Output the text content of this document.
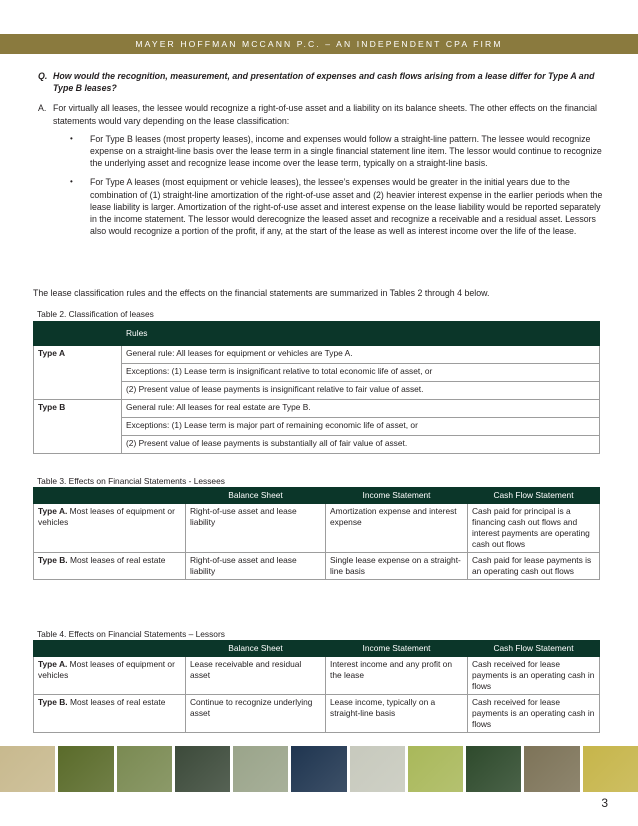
MAYER HOFFMAN MCCANN P.C. – AN INDEPENDENT CPA FIRM
Q. How would the recognition, measurement, and presentation of expenses and cash flows arising from a lease differ for Type A and Type B leases?
A. For virtually all leases, the lessee would recognize a right-of-use asset and a liability on its balance sheets. The other effects on the financial statements would vary depending on the lease classification:
•	For Type B leases (most property leases), income and expenses would follow a straight-line pattern. The lessee would recognize expense on a straight-line basis over the lease term in a single financial statement line item. The lessor would continue to recognize the underlying asset and recognize lease income over the lease term, typically on a straight-line basis.
•	For Type A leases (most equipment or vehicle leases), the lessee’s expenses would be greater in the initial years due to the combination of (1) straight-line amortization of the right-of-use asset and (2) heavier interest expense in the earlier periods when the lease liability is larger. Amortization of the right-of-use asset and interest expense on the lease liability would be reported separately in the income statement. The lessor would derecognize the leased asset and recognize a receivable and a residual asset. Lessors also would recognize a portion of the profit, if any, at the start of the lease as well as interest income over the life of the lease.
The lease classification rules and the effects on the financial statements are summarized in Tables 2 through 4 below.
Table 2. Classification of leases
	Rules
Type A	General rule: All leases for equipment or vehicles are Type A.
	Exceptions: (1) Lease term is insignificant relative to total economic life of asset, or
	(2) Present value of lease payments is insignificant relative to fair value of asset.
Type B	General rule: All leases for real estate are Type B.
	Exceptions: (1) Lease term is major part of remaining economic life of asset, or
	(2) Present value of lease payments is substantially all of fair value of asset.
Table 3. Effects on Financial Statements - Lessees
	Balance Sheet	Income Statement	Cash Flow Statement
Type A. Most leases of equipment or vehicles	Right-of-use asset and lease liability	Amortization expense and interest expense	Cash paid for principal is a financing cash out flows and interest payments are operating cash out flows
Type B. Most leases of real estate	Right-of-use asset and lease liability	Single lease expense on a straight-line basis	Cash paid for lease payments is an operating cash out flows
Table 4. Effects on Financial Statements – Lessors
	Balance Sheet	Income Statement	Cash Flow Statement
Type A. Most leases of equipment or vehicles	Lease receivable and residual asset	Interest income and any profit on the lease	Cash received for lease payments is an operating cash in flows
Type B. Most leases of real estate	Continue to recognize underlying asset	Lease income, typically on a straight-line basis	Cash received for lease payments is an operating cash in flows
3
